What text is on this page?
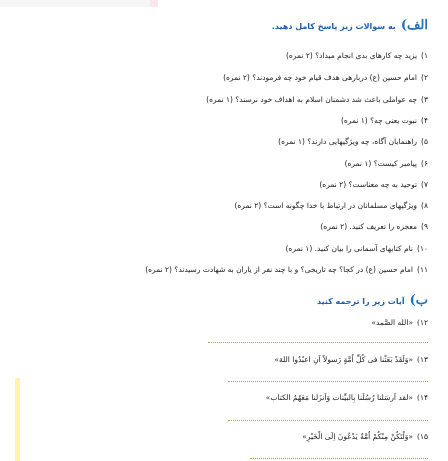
الف)به سوالات زیر پاسخ کامل دهید.
۱)یزید چه کارهای بدی انجام میداد؟ (۲ نمره)
۲)امام حسین (ع) دربارهی هدف قیام خود چه فرمودند؟ (۲ نمره)
۳)چه عواملی باعث شد دشمنان اسلام به اهداف خود نرسند؟ (۱ نمره)
۴)نبوت یعنی چه؟ (۱ نمره)
۵)راهنمایان آگاه، چه ویژگیهایی دارند؟ (۱ نمره)
۶)پیامبر کیست؟ (۱ نمره)
۷)توحید به چه معناست؟ (۲ نمره)
۸)ویژگیهای مسلمانان در ارتباط با خدا چگونه است؟ (۲ نمره)
۹)معجزه را تعریف کنید. (۲ نمره)
۱۰)نام کتابهای آسمانی را بیان کنید. (۱ نمره)
۱۱)امام حسین (ع) در کجا؟ چه تاریخی؟ و با چند نفر از یاران به شهادت رسیدند؟ (۲ نمره)
ب)آیات زیر را ترجمه کنید
۱۲)«الله الصَّمد»
۱۳)«وَلَقَدْ بَعَثْنا فی کُلِّ اُمَّةٍ رَسولاً اَنِ اعبُدُوا اللهَ»
۱۴)«لقد اَرسَلنا رُسُلَنا بِالبیِّنات وَاَنزَلنا مَعَهُمُ الکتاب»
۱۵)«وَلْتَکُنْ مِنْکُمْ اُمَّةٌ یَدْعُونَ اِلَی الْخَیْرِ»
